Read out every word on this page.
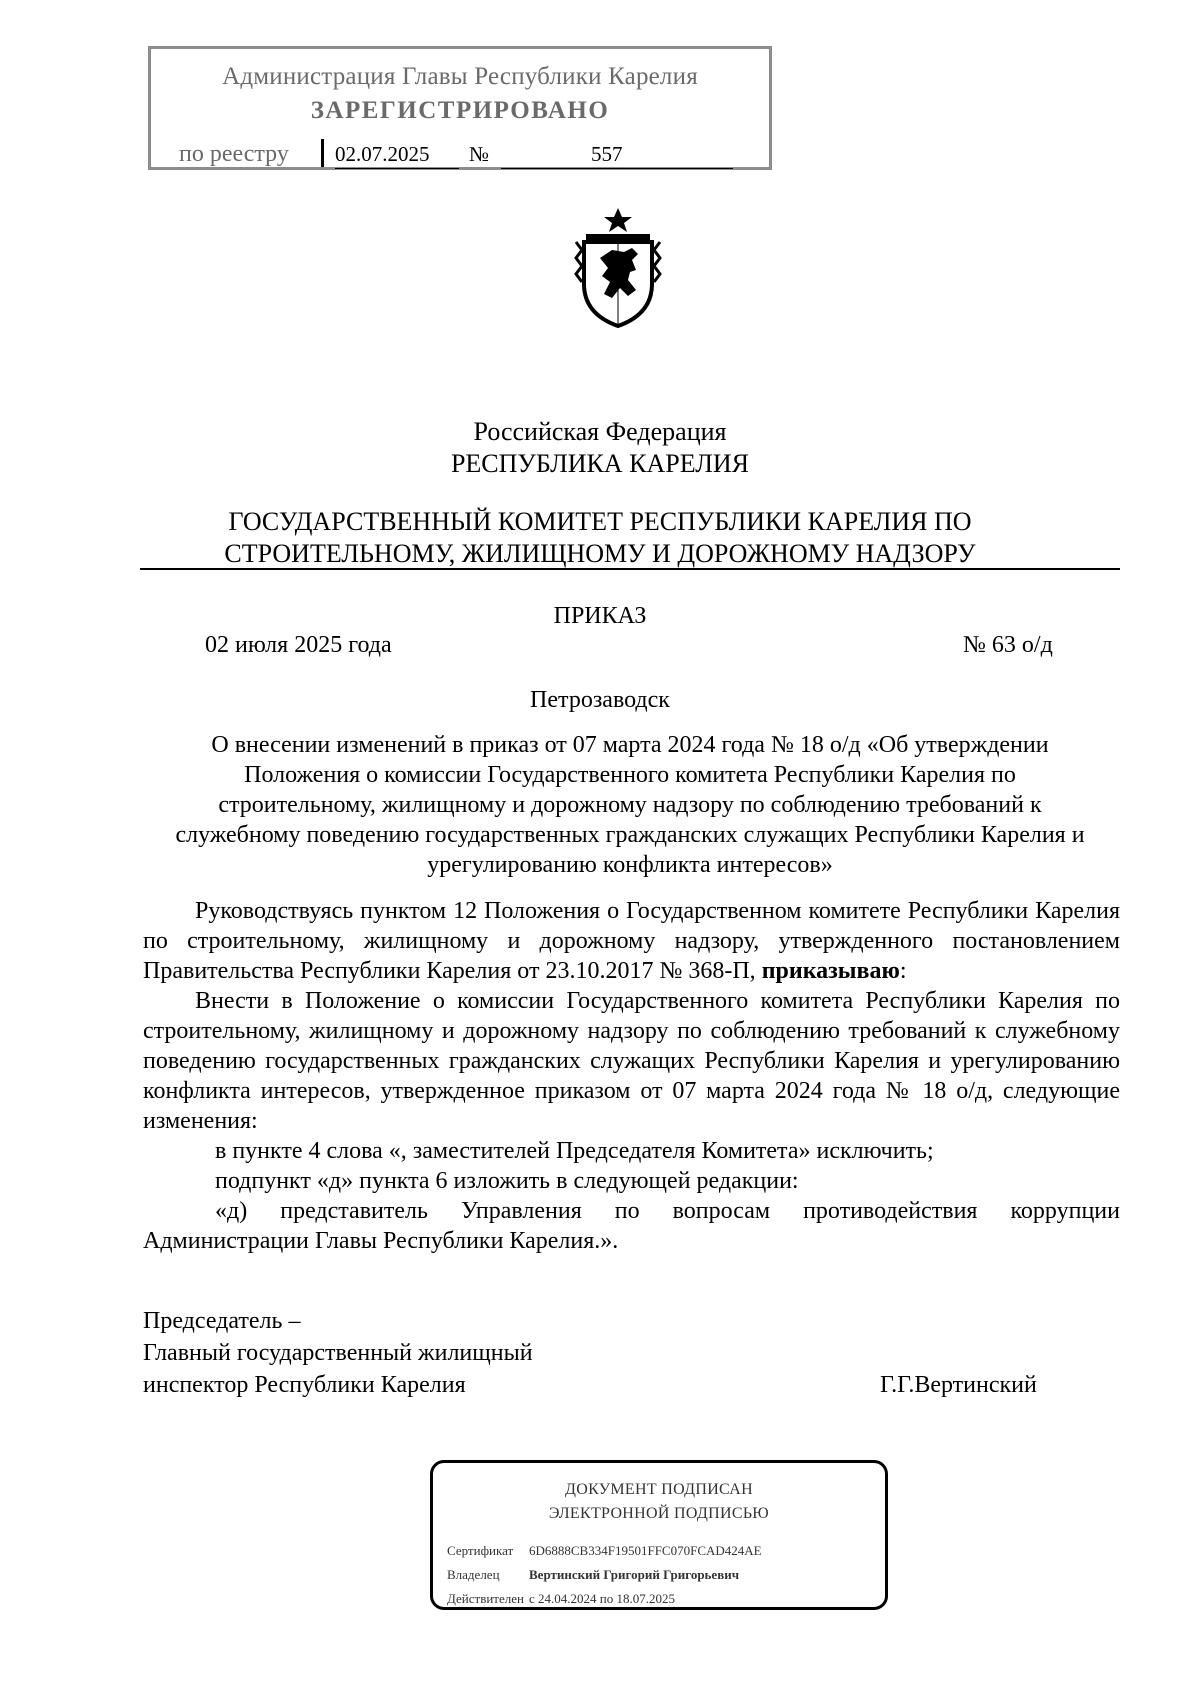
Администрация Главы Республики Карелия
ЗАРЕГИСТРИРОВАНО
по реестру 02.07.2025	№	557
Российская Федерация
РЕСПУБЛИКА КАРЕЛИЯ
ГОСУДАРСТВЕННЫЙ КОМИТЕТ РЕСПУБЛИКИ КАРЕЛИЯ ПО
СТРОИТЕЛЬНОМУ, ЖИЛИЩНОМУ И ДОРОЖНОМУ НАДЗОРУ
ПРИКАЗ
02 июля 2025 года	№ 63 о/д
Петрозаводск
О внесении изменений в приказ от 07 марта 2024 года № 18 о/д «Об утверждении
Положения о комиссии Государственного комитета Республики Карелия по
строительному, жилищному и дорожному надзору по соблюдению требований к
служебному поведению государственных гражданских служащих Республики Карелия и
урегулированию конфликта интересов»

Руководствуясь пунктом 12 Положения о Государственном комитете Республики Карелия по строительному, жилищному и дорожному надзору, утвержденного постановлением Правительства Республики Карелия от 23.10.2017 № 368-П, приказываю:

Внести в Положение о комиссии Государственного комитета Республики Карелия по строительному, жилищному и дорожному надзору по соблюдению требований к служебному поведению государственных гражданских служащих Республики Карелия и урегулированию конфликта интересов, утвержденное приказом от 07 марта 2024 года № 18 о/д, следующие изменения:

в пункте 4 слова «, заместителей Председателя Комитета» исключить;

подпункт «д» пункта 6 изложить в следующей редакции:

«д) представитель Управления по вопросам противодействия коррупции Администрации Главы Республики Карелия.».

Председатель –
Главный государственный жилищный
инспектор Республики Карелия	Г.Г.Вертинский
ДОКУМЕНТ ПОДПИСАН
ЭЛЕКТРОННОЙ ПОДПИСЬЮ
Сертификат 6D6888CB334F19501FFC070FCAD424AE
Владелец Вертинский Григорий Григорьевич
Действителен с 24.04.2024 по 18.07.2025
